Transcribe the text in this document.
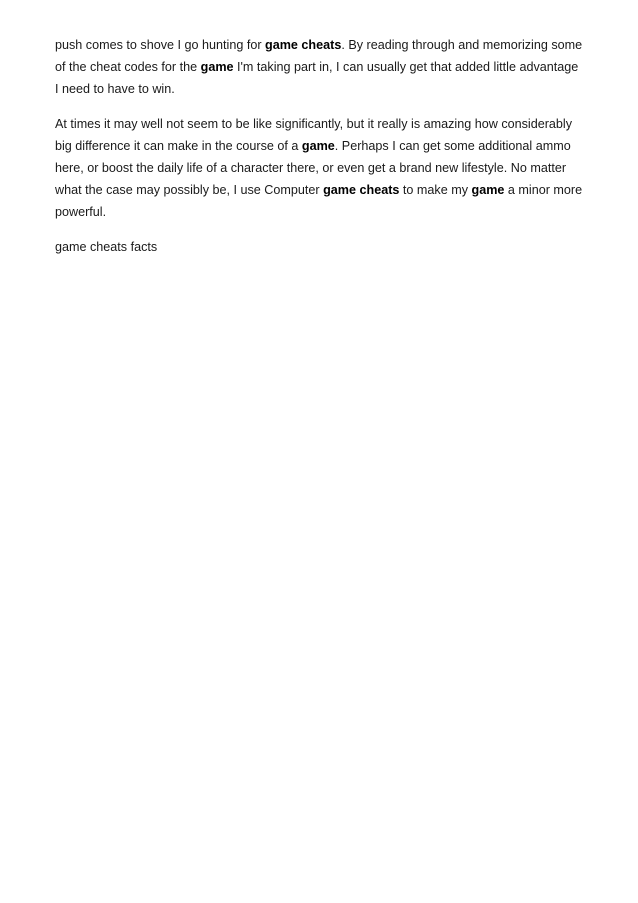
push comes to shove I go hunting for game cheats. By reading through and memorizing some of the cheat codes for the game I'm taking part in, I can usually get that added little advantage I need to have to win.

At times it may well not seem to be like significantly, but it really is amazing how considerably big difference it can make in the course of a game. Perhaps I can get some additional ammo here, or boost the daily life of a character there, or even get a brand new lifestyle. No matter what the case may possibly be, I use Computer game cheats to make my game a minor more powerful.

game cheats facts
